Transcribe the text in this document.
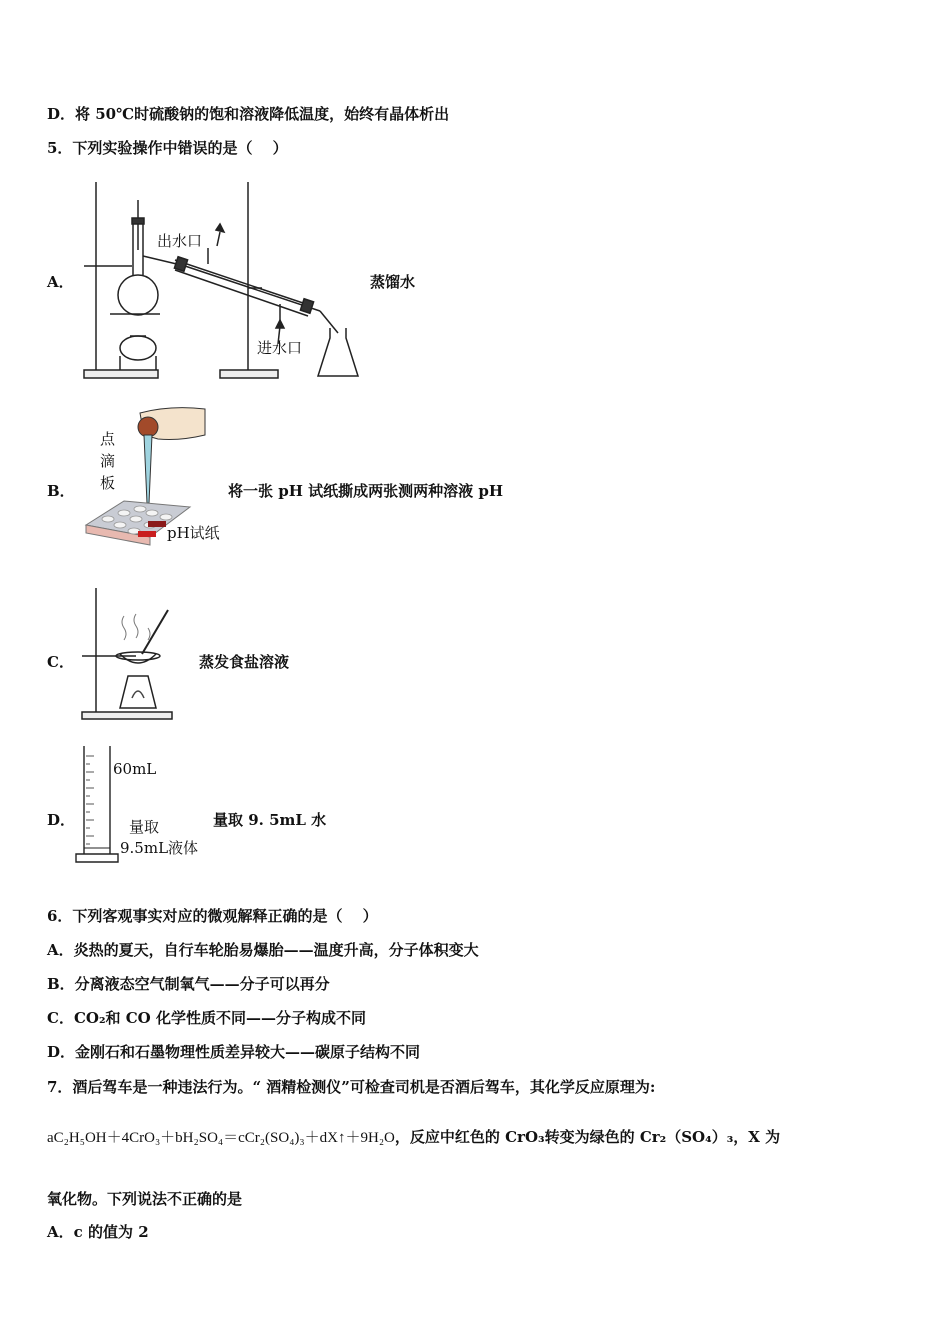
D．将 50℃时硫酸钠的饱和溶液降低温度，始终有晶体析出
5．下列实验操作中错误的是（　 ）
A．
出水口
进水口
蒸馏水
B．
点滴板
pH试纸
将一张 pH 试纸撕成两张测两种溶液 pH
C．	蒸发食盐溶液
D．
60mL
量取
9.5mL液体
量取 9. 5mL 水
6．下列客观事实对应的微观解释正确的是（　 ）
A．炎热的夏天，自行车轮胎易爆胎——温度升高，分子体积变大
B．分离液态空气制氧气——分子可以再分
C．CO₂和 CO 化学性质不同——分子构成不同
D．金刚石和石墨物理性质差异较大——碳原子结构不同
7．酒后驾车是一种违法行为。“ 酒精检测仪”可检查司机是否酒后驾车，其化学反应原理为:
aC₂H₅OH＋4CrO₃＋bH₂SO₄＝cCr₂(SO₄)₃＋dX↑＋9H₂O，反应中红色的 CrO₃转变为绿色的 Cr₂（SO₄）₃，X 为
氧化物。下列说法不正确的是
A．c 的值为 2
